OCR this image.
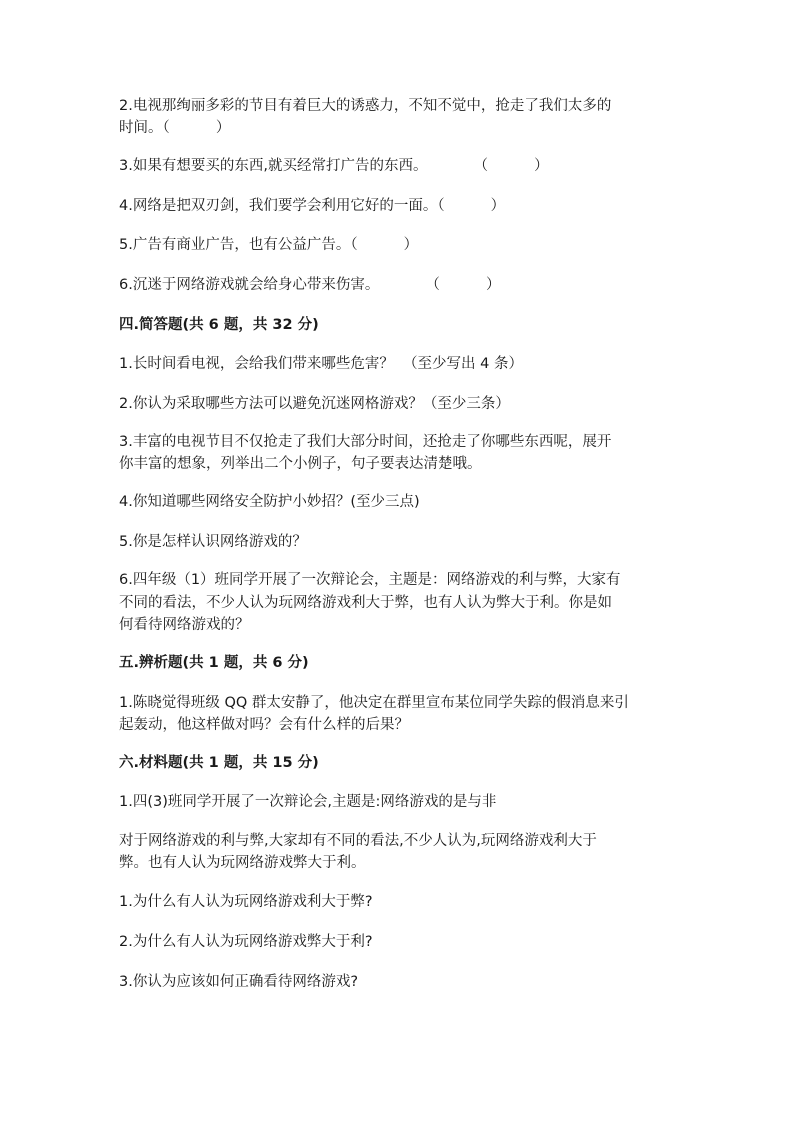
2.电视那绚丽多彩的节目有着巨大的诱惑力，不知不觉中，抢走了我们太多的
时间。（          ）
3.如果有想要买的东西,就买经常打广告的东西。          （          ）
4.网络是把双刃剑，我们要学会利用它好的一面。（          ）
5.广告有商业广告，也有公益广告。（          ）
6.沉迷于网络游戏就会给身心带来伤害。          （          ）
四.简答题(共 6 题，共 32 分)
1.长时间看电视，会给我们带来哪些危害？  （至少写出 4 条）
2.你认为采取哪些方法可以避免沉迷网格游戏？（至少三条）
3.丰富的电视节目不仅抢走了我们大部分时间，还抢走了你哪些东西呢，展开
你丰富的想象，列举出二个小例子，句子要表达清楚哦。
4.你知道哪些网络安全防护小妙招？(至少三点)
5.你是怎样认识网络游戏的？
6.四年级（1）班同学开展了一次辩论会，主题是：网络游戏的利与弊，大家有
不同的看法，不少人认为玩网络游戏利大于弊，也有人认为弊大于利。你是如
何看待网络游戏的？
五.辨析题(共 1 题，共 6 分)
1.陈晓觉得班级 QQ 群太安静了，他决定在群里宣布某位同学失踪的假消息来引
起轰动，他这样做对吗？会有什么样的后果？
六.材料题(共 1 题，共 15 分)
1.四(3)班同学开展了一次辩论会,主题是:网络游戏的是与非
对于网络游戏的利与弊,大家却有不同的看法,不少人认为,玩网络游戏利大于
弊。也有人认为玩网络游戏弊大于利。
1.为什么有人认为玩网络游戏利大于弊?
2.为什么有人认为玩网络游戏弊大于利?
3.你认为应该如何正确看待网络游戏?
